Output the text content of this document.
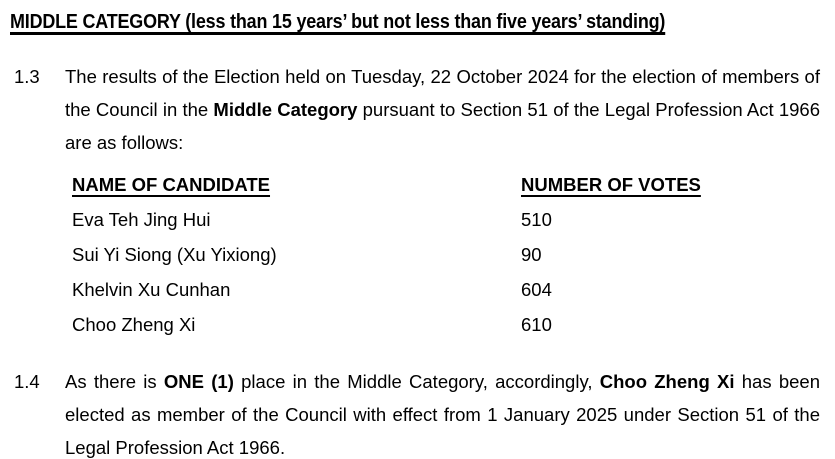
MIDDLE CATEGORY (less than 15 years’ but not less than five years’ standing)
1.3	The results of the Election held on Tuesday, 22 October 2024 for the election of members of the Council in the Middle Category pursuant to Section 51 of the Legal Profession Act 1966 are as follows:
NAME OF CANDIDATE	NUMBER OF VOTES
Eva Teh Jing Hui	510
Sui Yi Siong (Xu Yixiong)	90
Khelvin Xu Cunhan	604
Choo Zheng Xi	610
1.4	As there is ONE (1) place in the Middle Category, accordingly, Choo Zheng Xi has been elected as member of the Council with effect from 1 January 2025 under Section 51 of the Legal Profession Act 1966.
